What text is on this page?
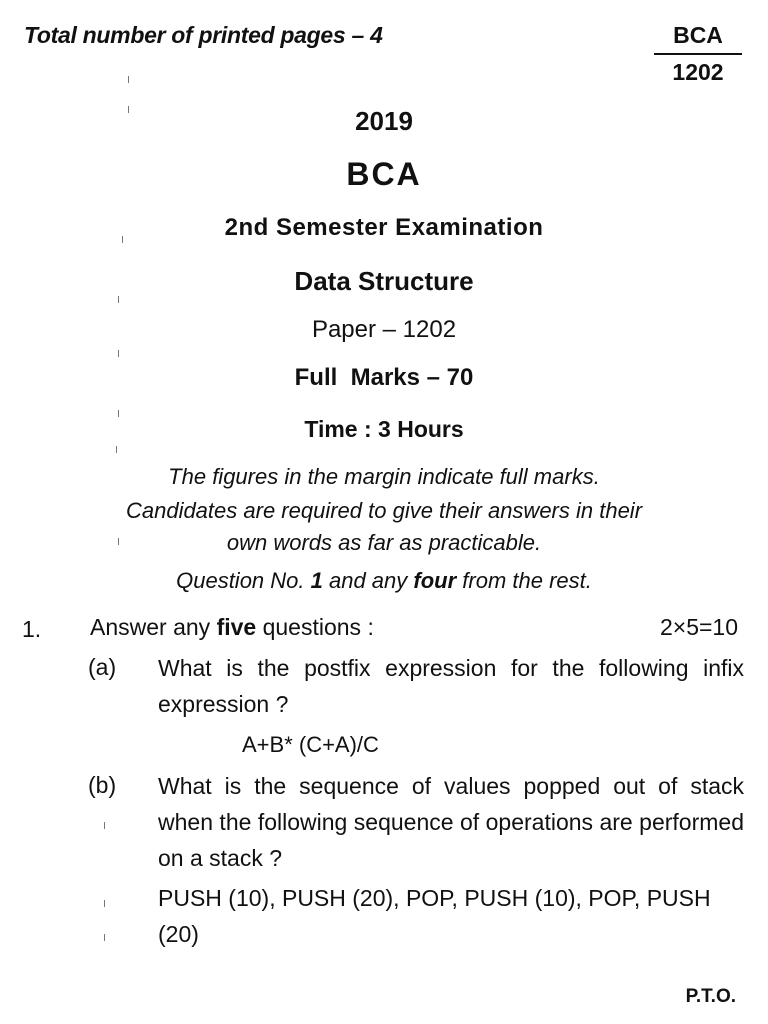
Total number of printed pages – 4	BCA
1202
2019
BCA
2nd Semester Examination
Data Structure
Paper – 1202
Full  Marks – 70
Time : 3 Hours
The figures in the margin indicate full marks.
Candidates are required to give their answers in their
own words as far as practicable.
Question No. 1 and any four from the rest.
1. Answer any five questions :	2×5=10
(a) What is the postfix expression for the following infix expression ?
A+B* (C+A)/C
(b) What is the sequence of values popped out of stack when the following sequence of operations are performed on a stack ?
PUSH (10), PUSH (20), POP, PUSH (10), POP, PUSH (20)
P.T.O.
